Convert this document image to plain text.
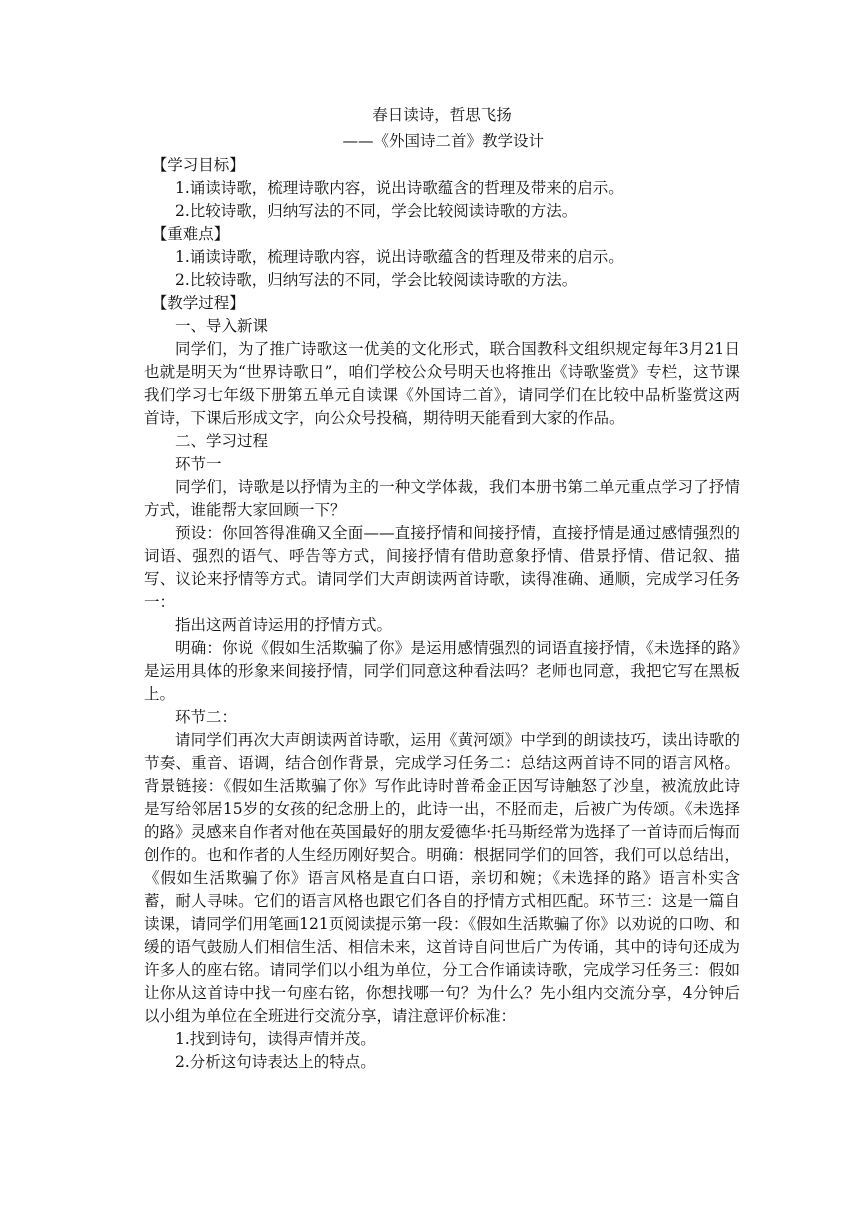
春日读诗，哲思飞扬

——《外国诗二首》教学设计

【学习目标】

1.诵读诗歌，梳理诗歌内容，说出诗歌蕴含的哲理及带来的启示。

2.比较诗歌，归纳写法的不同，学会比较阅读诗歌的方法。

【重难点】

1.诵读诗歌，梳理诗歌内容，说出诗歌蕴含的哲理及带来的启示。

2.比较诗歌，归纳写法的不同，学会比较阅读诗歌的方法。

【教学过程】

一、导入新课

同学们，为了推广诗歌这一优美的文化形式，联合国教科文组织规定每年3月21日也就是明天为“世界诗歌日”，咱们学校公众号明天也将推出《诗歌鉴赏》专栏，这节课我们学习七年级下册第五单元自读课《外国诗二首》，请同学们在比较中品析鉴赏这两首诗，下课后形成文字，向公众号投稿，期待明天能看到大家的作品。

二、学习过程

环节一

同学们，诗歌是以抒情为主的一种文学体裁，我们本册书第二单元重点学习了抒情方式，谁能帮大家回顾一下？

预设：你回答得准确又全面——直接抒情和间接抒情，直接抒情是通过感情强烈的词语、强烈的语气、呼告等方式，间接抒情有借助意象抒情、借景抒情、借记叙、描写、议论来抒情等方式。请同学们大声朗读两首诗歌，读得准确、通顺，完成学习任务一：

指出这两首诗运用的抒情方式。

明确：你说《假如生活欺骗了你》是运用感情强烈的词语直接抒情，《未选择的路》是运用具体的形象来间接抒情，同学们同意这种看法吗？老师也同意，我把它写在黑板上。

环节二：

请同学们再次大声朗读两首诗歌，运用《黄河颂》中学到的朗读技巧，读出诗歌的节奏、重音、语调，结合创作背景，完成学习任务二：总结这两首诗不同的语言风格。背景链接：《假如生活欺骗了你》写作此诗时普希金正因写诗触怒了沙皇，被流放此诗是写给邻居15岁的女孩的纪念册上的，此诗一出，不胫而走，后被广为传颂。《未选择的路》灵感来自作者对他在英国最好的朋友爱德华·托马斯经常为选择了一首诗而后悔而创作的。也和作者的人生经历刚好契合。明确：根据同学们的回答，我们可以总结出，《假如生活欺骗了你》语言风格是直白口语，亲切和婉；《未选择的路》语言朴实含蓄，耐人寻味。它们的语言风格也跟它们各自的抒情方式相匹配。环节三：这是一篇自读课，请同学们用笔画121页阅读提示第一段：《假如生活欺骗了你》以劝说的口吻、和缓的语气鼓励人们相信生活、相信未来，这首诗自问世后广为传诵，其中的诗句还成为许多人的座右铭。请同学们以小组为单位，分工合作诵读诗歌，完成学习任务三：假如让你从这首诗中找一句座右铭，你想找哪一句？为什么？先小组内交流分享，4分钟后以小组为单位在全班进行交流分享，请注意评价标准：

1.找到诗句，读得声情并茂。

2.分析这句诗表达上的特点。
